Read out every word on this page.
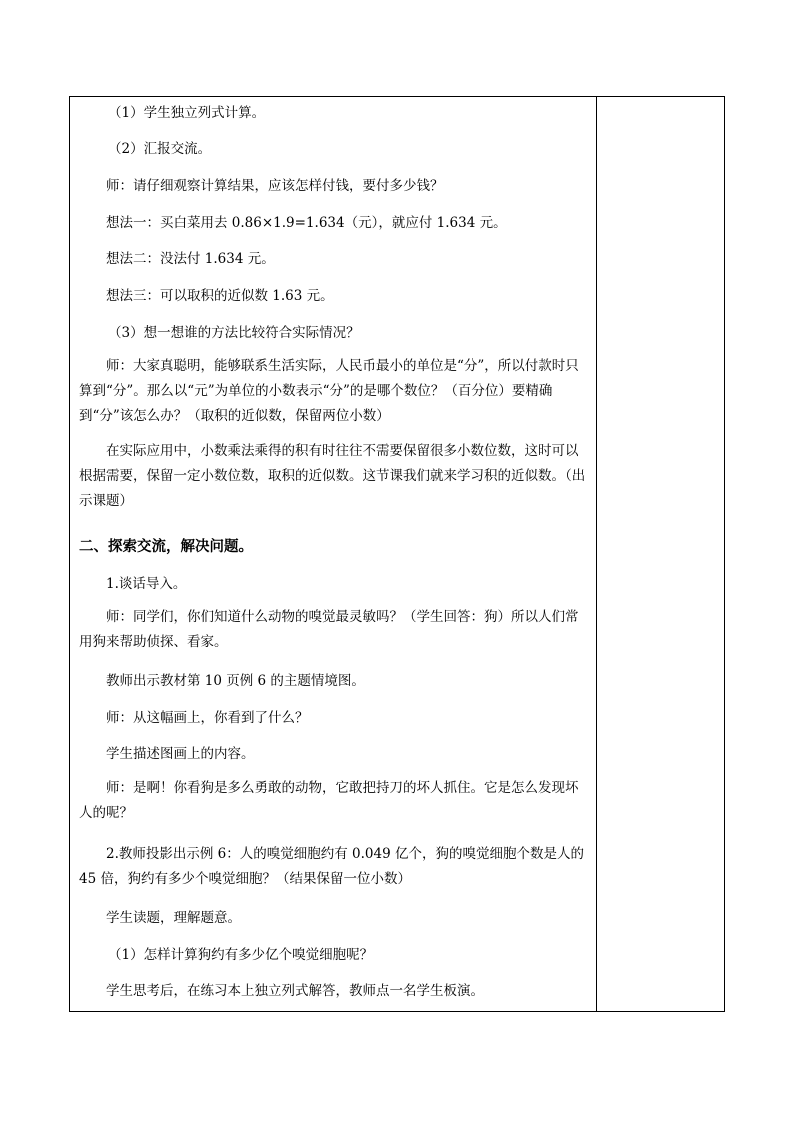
（1）学生独立列式计算。
（2）汇报交流。
师：请仔细观察计算结果，应该怎样付钱，要付多少钱？
想法一：买白菜用去 0.86×1.9=1.634（元），就应付 1.634 元。
想法二：没法付 1.634 元。
想法三：可以取积的近似数 1.63 元。
（3）想一想谁的方法比较符合实际情况？
师：大家真聪明，能够联系生活实际，人民币最小的单位是“分”，所以付款时只算到“分”。那么以“元”为单位的小数表示“分”的是哪个数位？（百分位）要精确到“分”该怎么办？（取积的近似数，保留两位小数）
在实际应用中，小数乘法乘得的积有时往往不需要保留很多小数位数，这时可以根据需要，保留一定小数位数，取积的近似数。这节课我们就来学习积的近似数。（出示课题）
二、探索交流，解决问题。
1.谈话导入。
师：同学们，你们知道什么动物的嗅觉最灵敏吗？（学生回答：狗）所以人们常用狗来帮助侦探、看家。
教师出示教材第 10 页例 6 的主题情境图。
师：从这幅画上，你看到了什么？
学生描述图画上的内容。
师：是啊！你看狗是多么勇敢的动物，它敢把持刀的坏人抓住。它是怎么发现坏人的呢？
2.教师投影出示例 6：人的嗅觉细胞约有 0.049 亿个，狗的嗅觉细胞个数是人的 45 倍，狗约有多少个嗅觉细胞？（结果保留一位小数）
学生读题，理解题意。
（1）怎样计算狗约有多少亿个嗅觉细胞呢？
学生思考后，在练习本上独立列式解答，教师点一名学生板演。
